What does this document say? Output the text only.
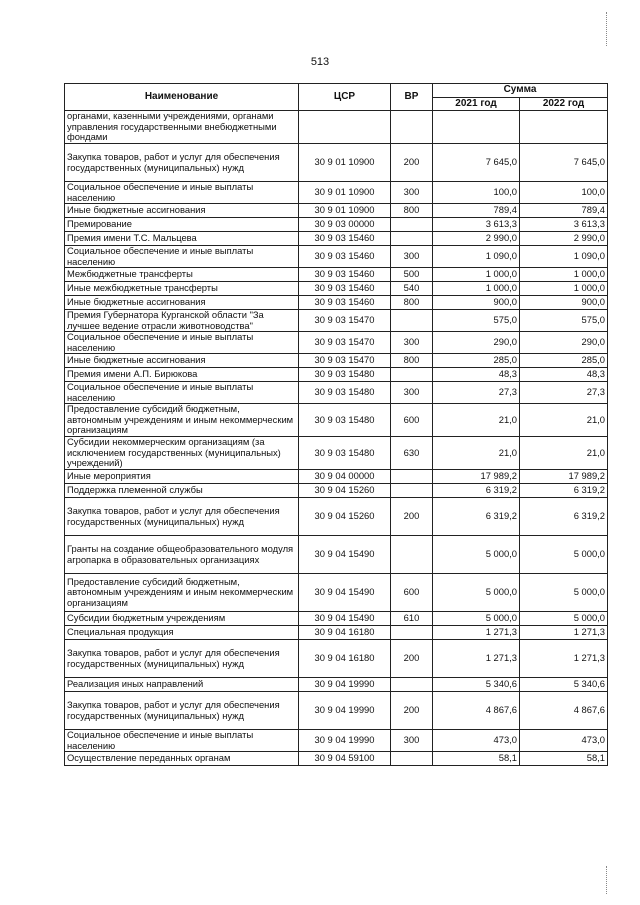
513
Наименование	ЦСР	ВР	Сумма	
			2021 год	2022 год
органами, казенными учреждениями, органами управления государственными внебюджетными фондами				
Закупка товаров, работ и услуг для обеспечения государственных (муниципальных) нужд	30 9 01 10900	200	7 645,0	7 645,0
Социальное обеспечение и иные выплаты населению	30 9 01 10900	300	100,0	100,0
Иные бюджетные ассигнования	30 9 01 10900	800	789,4	789,4
Премирование	30 9 03 00000		3 613,3	3 613,3
Премия имени Т.С. Мальцева	30 9 03 15460		2 990,0	2 990,0
Социальное обеспечение и иные выплаты населению	30 9 03 15460	300	1 090,0	1 090,0
Межбюджетные трансферты	30 9 03 15460	500	1 000,0	1 000,0
Иные межбюджетные трансферты	30 9 03 15460	540	1 000,0	1 000,0
Иные бюджетные ассигнования	30 9 03 15460	800	900,0	900,0
Премия Губернатора Курганской области "За лучшее ведение отрасли животноводства"	30 9 03 15470		575,0	575,0
Социальное обеспечение и иные выплаты населению	30 9 03 15470	300	290,0	290,0
Иные бюджетные ассигнования	30 9 03 15470	800	285,0	285,0
Премия имени А.П. Бирюкова	30 9 03 15480		48,3	48,3
Социальное обеспечение и иные выплаты населению	30 9 03 15480	300	27,3	27,3
Предоставление субсидий бюджетным, автономным учреждениям и иным некоммерческим организациям	30 9 03 15480	600	21,0	21,0
Субсидии некоммерческим организациям (за исключением государственных (муниципальных) учреждений)	30 9 03 15480	630	21,0	21,0
Иные мероприятия	30 9 04 00000		17 989,2	17 989,2
Поддержка племенной службы	30 9 04 15260		6 319,2	6 319,2
Закупка товаров, работ и услуг для обеспечения государственных (муниципальных) нужд	30 9 04 15260	200	6 319,2	6 319,2
Гранты на создание общеобразовательного модуля агропарка в образовательных организациях	30 9 04 15490		5 000,0	5 000,0
Предоставление субсидий бюджетным, автономным учреждениям и иным некоммерческим организациям	30 9 04 15490	600	5 000,0	5 000,0
Субсидии бюджетным учреждениям	30 9 04 15490	610	5 000,0	5 000,0
Специальная продукция	30 9 04 16180		1 271,3	1 271,3
Закупка товаров, работ и услуг для обеспечения государственных (муниципальных) нужд	30 9 04 16180	200	1 271,3	1 271,3
Реализация иных направлений	30 9 04 19990		5 340,6	5 340,6
Закупка товаров, работ и услуг для обеспечения государственных (муниципальных) нужд	30 9 04 19990	200	4 867,6	4 867,6
Социальное обеспечение и иные выплаты населению	30 9 04 19990	300	473,0	473,0
Осуществление переданных органам	30 9 04 59100		58,1	58,1
